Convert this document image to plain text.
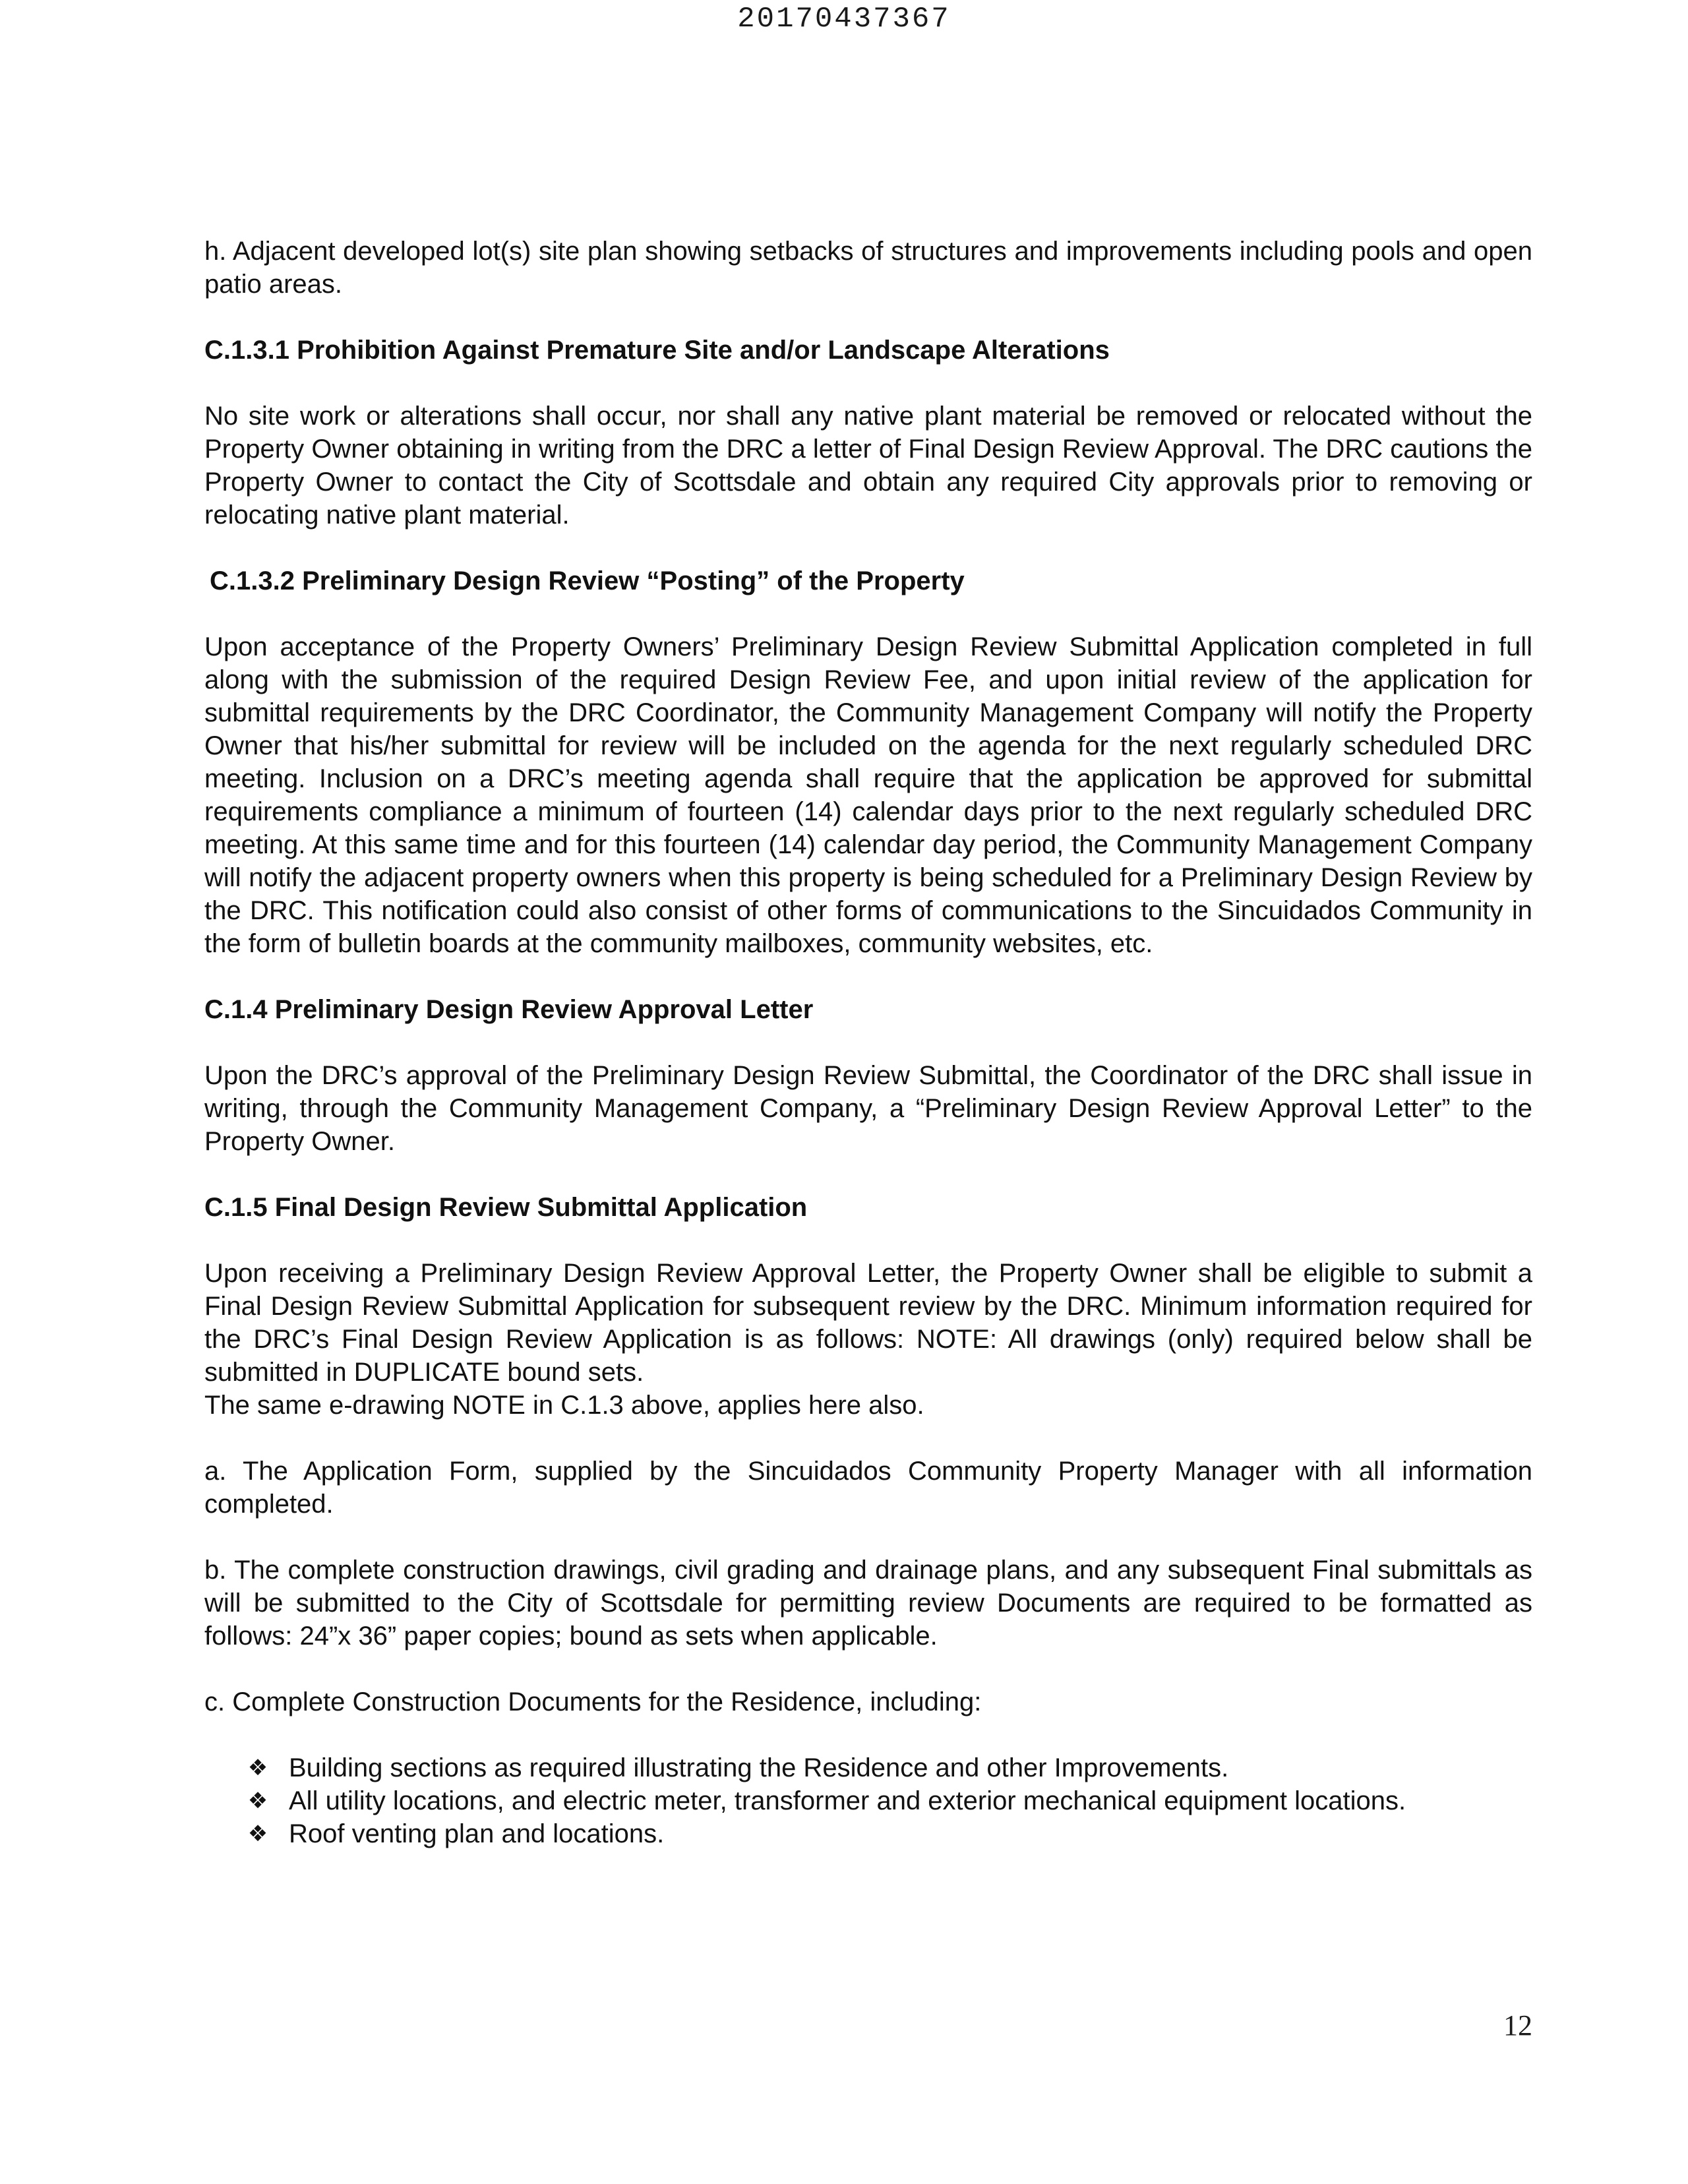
20170437367

h. Adjacent developed lot(s) site plan showing setbacks of structures and improvements including pools and open patio areas.

C.1.3.1 Prohibition Against Premature Site and/or Landscape Alterations

No site work or alterations shall occur, nor shall any native plant material be removed or relocated without the Property Owner obtaining in writing from the DRC a letter of Final Design Review Approval. The DRC cautions the Property Owner to contact the City of Scottsdale and obtain any required City approvals prior to removing or relocating native plant material.

C.1.3.2 Preliminary Design Review “Posting” of the Property

Upon acceptance of the Property Owners’ Preliminary Design Review Submittal Application completed in full along with the submission of the required Design Review Fee, and upon initial review of the application for submittal requirements by the DRC Coordinator, the Community Management Company will notify the Property Owner that his/her submittal for review will be included on the agenda for the next regularly scheduled DRC meeting. Inclusion on a DRC’s meeting agenda shall require that the application be approved for submittal requirements compliance a minimum of fourteen (14) calendar days prior to the next regularly scheduled DRC meeting. At this same time and for this fourteen (14) calendar day period, the Community Management Company will notify the adjacent property owners when this property is being scheduled for a Preliminary Design Review by the DRC. This notification could also consist of other forms of communications to the Sincuidados Community in the form of bulletin boards at the community mailboxes, community websites, etc.

C.1.4 Preliminary Design Review Approval Letter

Upon the DRC’s approval of the Preliminary Design Review Submittal, the Coordinator of the DRC shall issue in writing, through the Community Management Company, a “Preliminary Design Review Approval Letter” to the Property Owner.

C.1.5 Final Design Review Submittal Application

Upon receiving a Preliminary Design Review Approval Letter, the Property Owner shall be eligible to submit a Final Design Review Submittal Application for subsequent review by the DRC. Minimum information required for the DRC’s Final Design Review Application is as follows: NOTE: All drawings (only) required below shall be submitted in DUPLICATE bound sets.

The same e-drawing NOTE in C.1.3 above, applies here also.

a. The Application Form, supplied by the Sincuidados Community Property Manager with all information completed.

b. The complete construction drawings, civil grading and drainage plans, and any subsequent Final submittals as will be submitted to the City of Scottsdale for permitting review Documents are required to be formatted as follows: 24”x 36” paper copies; bound as sets when applicable.

c. Complete Construction Documents for the Residence, including:

❖ Building sections as required illustrating the Residence and other Improvements.
❖ All utility locations, and electric meter, transformer and exterior mechanical equipment locations.
❖ Roof venting plan and locations.
12
